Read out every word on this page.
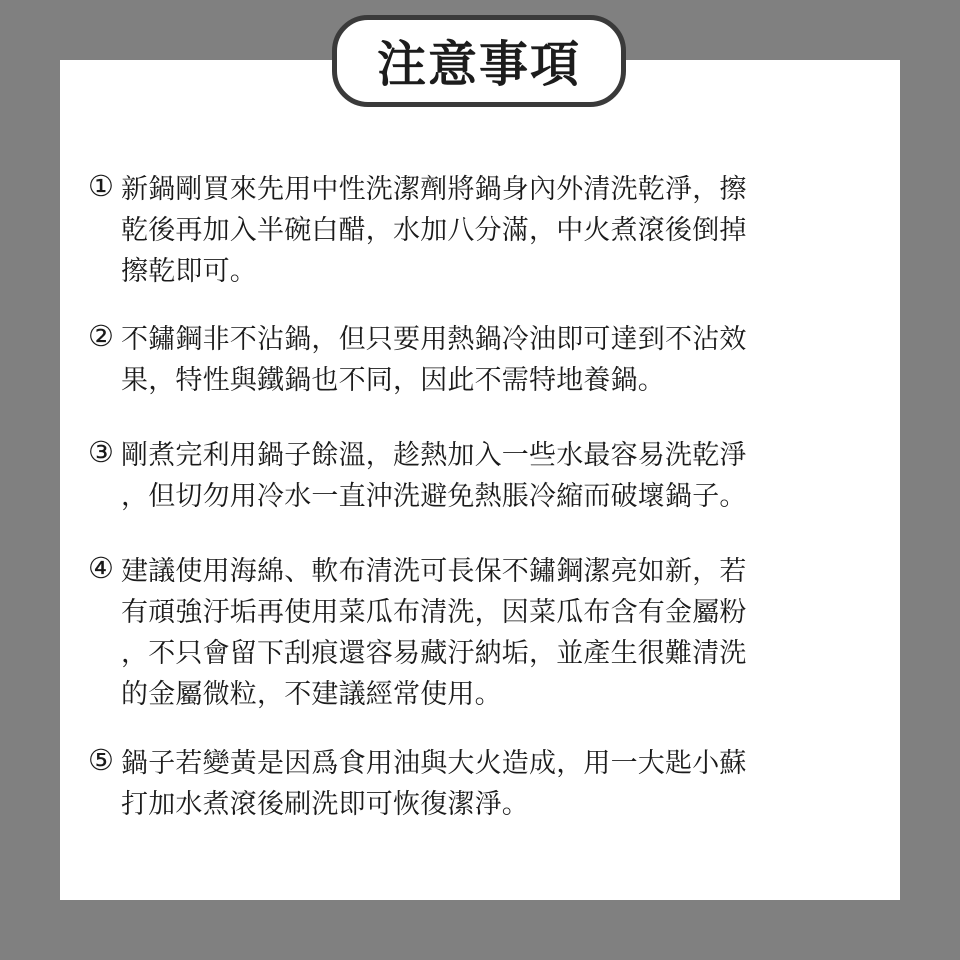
注意事項
① 新鍋剛買來先用中性洗潔劑將鍋身內外清洗乾淨，擦
乾後再加入半碗白醋，水加八分滿，中火煮滾後倒掉
擦乾即可。
② 不鏽鋼非不沾鍋，但只要用熱鍋冷油即可達到不沾效
果，特性與鐵鍋也不同，因此不需特地養鍋。
③ 剛煮完利用鍋子餘溫，趁熱加入一些水最容易洗乾淨
，但切勿用冷水一直沖洗避免熱脹冷縮而破壞鍋子。
④ 建議使用海綿、軟布清洗可長保不鏽鋼潔亮如新，若
有頑強汙垢再使用菜瓜布清洗，因菜瓜布含有金屬粉
，不只會留下刮痕還容易藏汙納垢，並產生很難清洗
的金屬微粒，不建議經常使用。
⑤ 鍋子若變黃是因爲食用油與大火造成，用一大匙小蘇
打加水煮滾後刷洗即可恢復潔淨。
